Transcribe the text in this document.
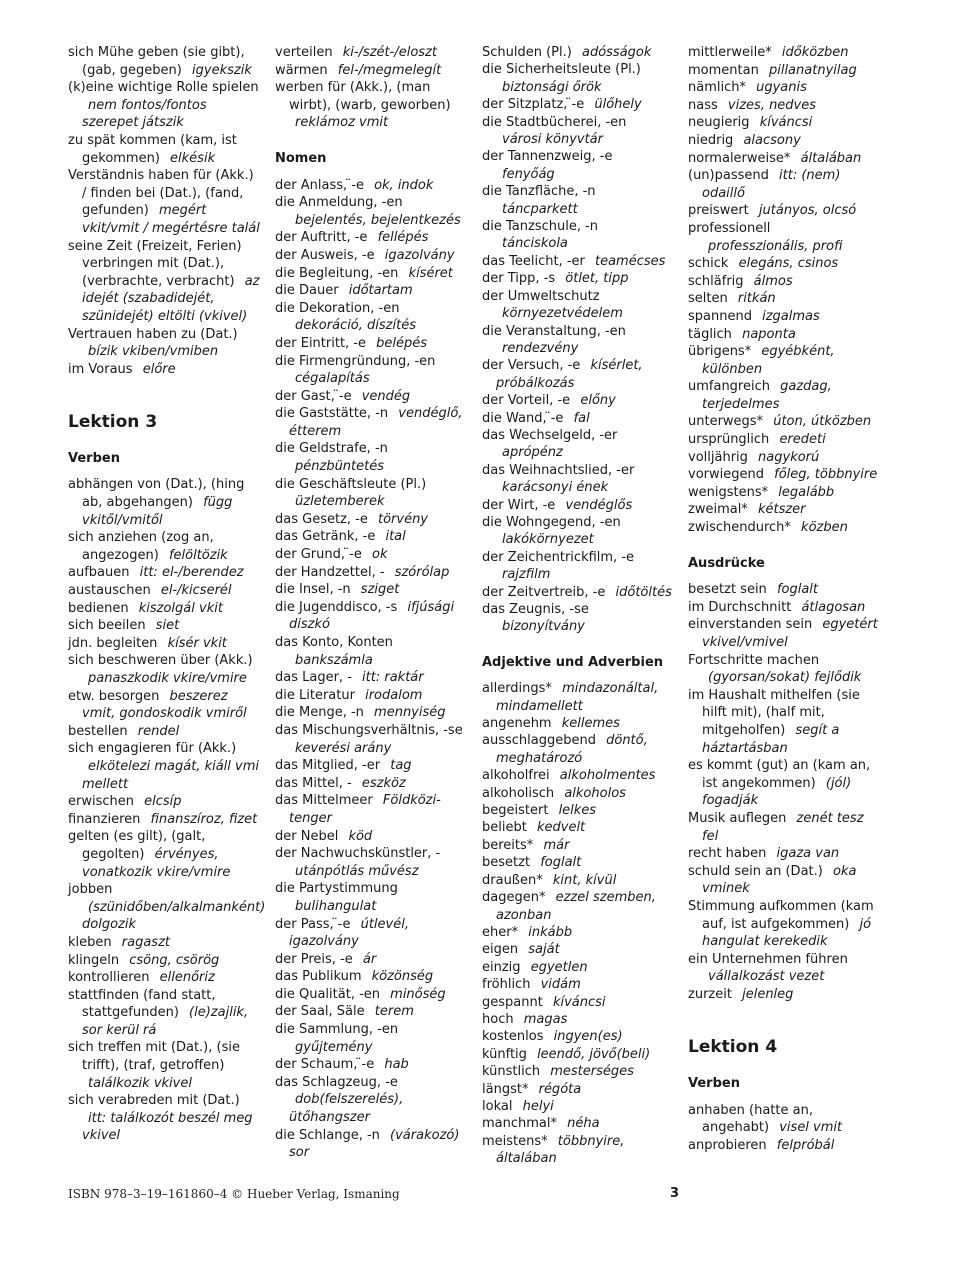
sich Mühe geben (sie gibt), (gab, gegeben) igyekszik
(k)eine wichtige Rolle spielen nem fontos/fontos szerepet játszik
zu spät kommen (kam, ist gekommen) elkésik
Verständnis haben für (Akk.) / finden bei (Dat.), (fand, gefunden) megért vkit/vmit / megértésre talál
seine Zeit (Freizeit, Ferien) verbringen mit (Dat.), (verbrachte, verbracht) az idejét (szabadidejét, szünidejét) eltölti (vkivel)
Vertrauen haben zu (Dat.) bízik vkiben/vmiben
im Voraus előre
Lektion 3
Verben
abhängen von (Dat.), (hing ab, abgehangen) függ vkitől/vmitől
sich anziehen (zog an, angezogen) felöltözik
aufbauen itt: el-/berendez
austauschen el-/kicserél
bedienen kiszolgál vkit
sich beeilen siet
jdn. begleiten kísér vkit
sich beschweren über (Akk.) panaszkodik vkire/vmire
etw. besorgen beszerez vmit, gondoskodik vmiről
bestellen rendel
sich engagieren für (Akk.) elkötelezi magát, kiáll vmi mellett
erwischen elcsíp
finanzieren finanszíroz, fizet
gelten (es gilt), (galt, gegolten) érvényes, vonatkozik vkire/vmire
jobben (szünidőben/alkalmanként) dolgozik
kleben ragaszt
klingeln csöng, csörög
kontrollieren ellenőriz
stattfinden (fand statt, stattgefunden) (le)zajlik, sor kerül rá
sich treffen mit (Dat.), (sie trifft), (traf, getroffen) találkozik vkivel
sich verabreden mit (Dat.) itt: találkozót beszél meg vkivel
verteilen ki-/szét-/eloszt
wärmen fel-/megmelegít
werben für (Akk.), (man wirbt), (warb, geworben) reklámoz vmit
Nomen
der Anlass, ̈-e ok, indok
die Anmeldung, -en bejelentés, bejelentkezés
der Auftritt, -e fellépés
der Ausweis, -e igazolvány
die Begleitung, -en kíséret
die Dauer időtartam
die Dekoration, -en dekoráció, díszítés
der Eintritt, -e belépés
die Firmengründung, -en cégalapítás
der Gast, ̈-e vendég
die Gaststätte, -n vendéglő, étterem
die Geldstrafe, -n pénzbüntetés
die Geschäftsleute (Pl.) üzletemberek
das Gesetz, -e törvény
das Getränk, -e ital
der Grund, ̈-e ok
der Handzettel, - szórólap
die Insel, -n sziget
die Jugenddisco, -s ifjúsági diszkó
das Konto, Konten bankszámla
das Lager, - itt: raktár
die Literatur irodalom
die Menge, -n mennyiség
das Mischungsverhältnis, -se keverési arány
das Mitglied, -er tag
das Mittel, - eszköz
das Mittelmeer Földközi-tenger
der Nebel köd
der Nachwuchskünstler, - utánpótlás művész
die Partystimmung bulihangulat
der Pass, ̈-e útlevél, igazolvány
der Preis, -e ár
das Publikum közönség
die Qualität, -en minőség
der Saal, Säle terem
die Sammlung, -en gyűjtemény
der Schaum, ̈-e hab
das Schlagzeug, -e dob(felszerelés), ütőhangszer
die Schlange, -n (várakozó) sor
Schulden (Pl.) adósságok
die Sicherheitsleute (Pl.) biztonsági őrök
der Sitzplatz, ̈-e ülőhely
die Stadtbücherei, -en városi könyvtár
der Tannenzweig, -e fenyőág
die Tanzfläche, -n táncparkett
die Tanzschule, -n tánciskola
das Teelicht, -er teamécses
der Tipp, -s ötlet, tipp
der Umweltschutz környezetvédelem
die Veranstaltung, -en rendezvény
der Versuch, -e kísérlet, próbálkozás
der Vorteil, -e előny
die Wand, ̈-e fal
das Wechselgeld, -er aprópénz
das Weihnachtslied, -er karácsonyi ének
der Wirt, -e vendéglős
die Wohngegend, -en lakókörnyezet
der Zeichentrickfilm, -e rajzfilm
der Zeitvertreib, -e időtöltés
das Zeugnis, -se bizonyítvány
Adjektive und Adverbien
allerdings* mindazonáltal, mindamellett
angenehm kellemes
ausschlaggebend döntő, meghatározó
alkoholfrei alkoholmentes
alkoholisch alkoholos
begeistert lelkes
beliebt kedvelt
bereits* már
besetzt foglalt
draußen* kint, kívül
dagegen* ezzel szemben, azonban
eher* inkább
eigen saját
einzig egyetlen
fröhlich vidám
gespannt kíváncsi
hoch magas
kostenlos ingyen(es)
künftig leendő, jövő(beli)
künstlich mesterséges
längst* régóta
lokal helyi
manchmal* néha
meistens* többnyire, általában
mittlerweile* időközben
momentan pillanatnyilag
nämlich* ugyanis
nass vizes, nedves
neugierig kíváncsi
niedrig alacsony
normalerweise* általában
(un)passend itt: (nem) odaillő
preiswert jutányos, olcsó
professionell professzionális, profi
schick elegáns, csinos
schläfrig álmos
selten ritkán
spannend izgalmas
täglich naponta
übrigens* egyébként, különben
umfangreich gazdag, terjedelmes
unterwegs* úton, útközben
ursprünglich eredeti
volljährig nagykorú
vorwiegend főleg, többnyire
wenigstens* legalább
zweimal* kétszer
zwischendurch* közben
Ausdrücke
besetzt sein foglalt
im Durchschnitt átlagosan
einverstanden sein egyetért vkivel/vmivel
Fortschritte machen (gyorsan/sokat) fejlődik
im Haushalt mithelfen (sie hilft mit), (half mit, mitgeholfen) segít a háztartásban
es kommt (gut) an (kam an, ist angekommen) (jól) fogadják
Musik auflegen zenét tesz fel
recht haben igaza van
schuld sein an (Dat.) oka vminek
Stimmung aufkommen (kam auf, ist aufgekommen) jó hangulat kerekedik
ein Unternehmen führen vállalkozást vezet
zurzeit jelenleg
Lektion 4
Verben
anhaben (hatte an, angehabt) visel vmit
anprobieren felpróbál
ISBN 978–3–19–161860–4 © Hueber Verlag, Ismaning	3
